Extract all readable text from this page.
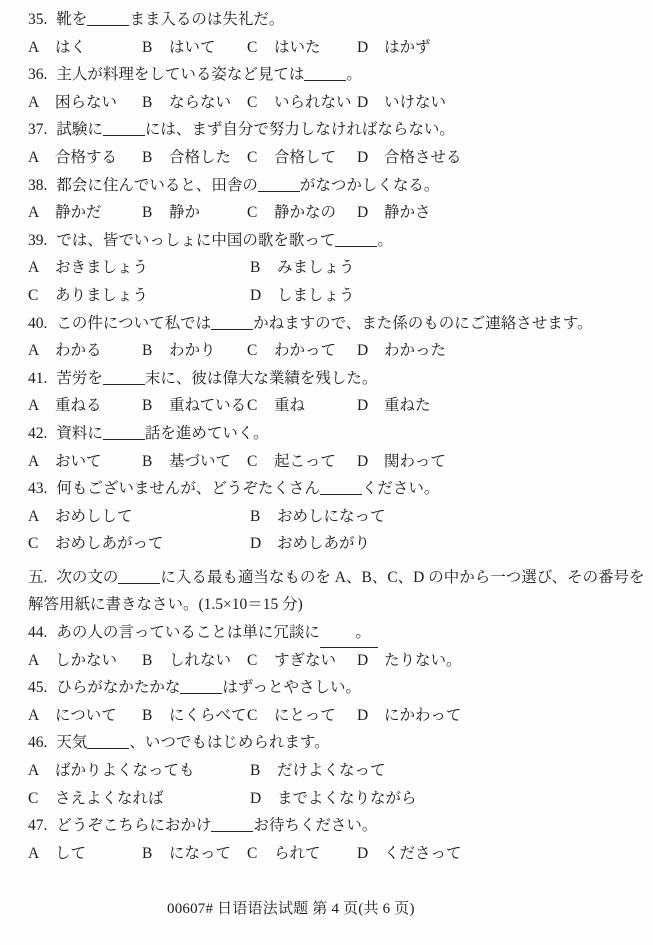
35. 靴を	まま入るのは失礼だ。
A	はく	B	はいて C	はいた D	はかず
36. 主人が料理をしている姿など見ては	。
A	困らない B	ならない C	いられない D	いけない
37. 試験に	には、まず自分で努力しなければならない。
A	合格する B	合格した C	合格して D	合格させる
38. 都会に住んでいると、田舎の	がなつかしくなる。
A	静かだ	B	静か	C	静かなの D	静かさ
39. では、皆でいっしょに中国の歌を歌って	。
A	おきましょう	B	みましょう
C	ありましょう	D	しましょう
40. この件について私では	かねますので、また係のものにご連絡させます。
A	わかる	B	わかり C	わかって D	わかった
41. 苦労を	末に、彼は偉大な業績を残した。
A	重ねる	B	重ねている C	重ね	D	重ねた
42. 資料に	話を進めていく。
A	おいて	B	基づいて C	起こって D	関わって
43. 何もございませんが、どうぞたくさん	ください。
A	おめしして	B	おめしになって
C	おめしあがって	D	おめしあがり
五. 次の文の	に入る最も適当なものを A、B、C、D の中から一つ選び、その番号を
解答用紙に書きなさい。(1.5×10＝15 分)
44. あの人の言っていることは単に冗談に 。
A	しかない B	しれない C	すぎない D	たりない。
45. ひらがなかたかな	はずっとやさしい。
A	について B	にくらべて C	にとって D	にかわって
46. 天気	、いつでもはじめられます。
A	ばかりよくなっても	B	だけよくなって
C	さえよくなれば	D	までよくなりながら
47. どうぞこちらにおかけ	お待ちください。
A	して	B	になって C	られて D	くださって
00607# 日语语法试题 第 4 页(共 6 页)
